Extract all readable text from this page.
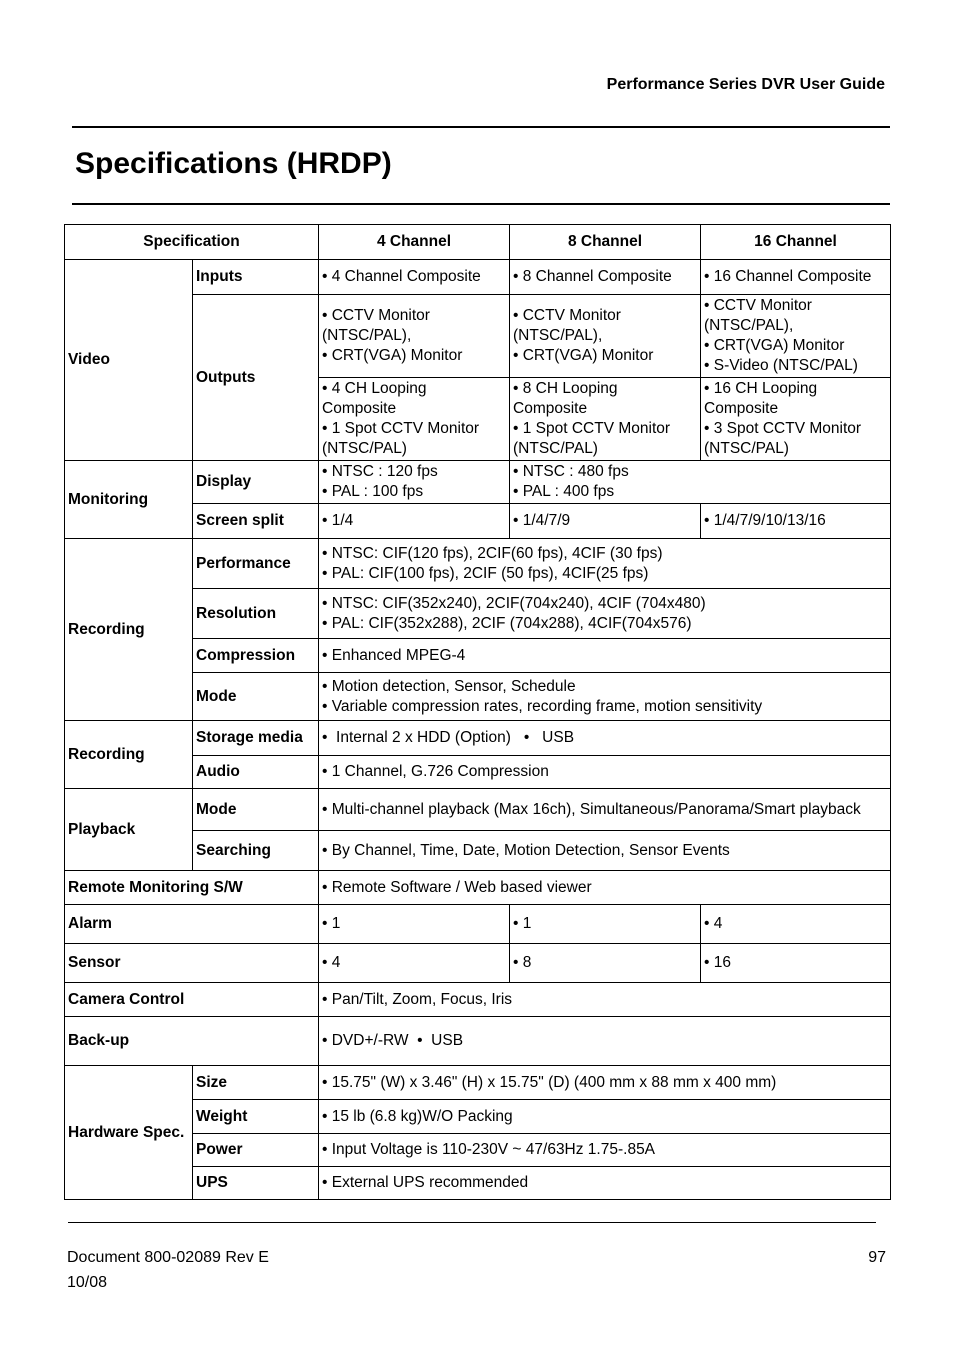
Performance Series DVR User Guide
Specifications (HRDP)
Specification		4 Channel	8 Channel	16 Channel
Video	Inputs	• 4 Channel Composite	• 8 Channel Composite	• 16 Channel Composite
	Outputs	• CCTV Monitor
(NTSC/PAL),
• CRT(VGA) Monitor	• CCTV Monitor
(NTSC/PAL),
• CRT(VGA) Monitor	• CCTV Monitor
(NTSC/PAL),
• CRT(VGA) Monitor
• S-Video (NTSC/PAL)

		• 4 CH Looping
Composite
• 1 Spot CCTV Monitor
(NTSC/PAL)	• 8 CH Looping
Composite
• 1 Spot CCTV Monitor
(NTSC/PAL)	• 16 CH Looping
Composite
• 3 Spot CCTV Monitor
(NTSC/PAL)

Monitoring	Display	• NTSC : 120 fps
• PAL : 100 fps	• NTSC : 480 fps
• PAL : 400 fps	

	Screen split	• 1/4	• 1/4/7/9	• 1/4/7/9/10/13/16
Recording	Performance	• NTSC: CIF(120 fps), 2CIF(60 fps), 4CIF (30 fps)
• PAL: CIF(100 fps), 2CIF (50 fps), 4CIF(25 fps)		

	Resolution	• NTSC: CIF(352x240), 2CIF(704x240), 4CIF (704x480)
• PAL: CIF(352x288), 2CIF (704x288), 4CIF(704x576)		

	Compression	• Enhanced MPEG-4		
	Mode	• Motion detection, Sensor, Schedule
• Variable compression rates, recording frame, motion sensitivity		

Recording	Storage media	•  Internal 2 x HDD (Option)   •   USB		
	Audio	• 1 Channel, G.726 Compression		
Playback	Mode	• Multi-channel playback (Max 16ch), Simultaneous/Panorama/Smart playback		
	Searching	• By Channel, Time, Date, Motion Detection, Sensor Events		
Remote Monitoring S/W		• Remote Software / Web based viewer		
Alarm		• 1	• 1	• 4
Sensor		• 4	• 8	• 16
Camera Control		• Pan/Tilt, Zoom, Focus, Iris		
Back-up		• DVD+/-RW  •  USB		

Hardware Spec.	Size	• 15.75" (W) x 3.46" (H) x 15.75" (D) (400 mm x 88 mm x 400 mm)		
	Weight	• 15 lb (6.8 kg)W/O Packing		
	Power	• Input Voltage is 110-230V ~ 47/63Hz 1.75-.85A		
	UPS	• External UPS recommended		
Document 800-02089 Rev E
10/08
97
